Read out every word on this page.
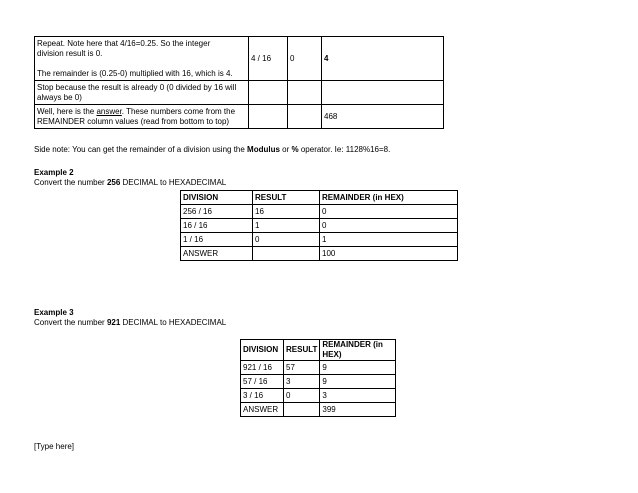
Repeat. Note here that 4/16=0.25. So the integer
division result is 0.
The remainder is (0.25-0) multiplied with 16, which is 4.	4 / 16	0	4

Stop because the result is already 0 (0 divided by 16 will
always be 0)			

Well, here is the answer. These numbers come from the
REMAINDER column values (read from bottom to top)			468
Side note: You can get the remainder of a division using the Modulus or % operator. Ie: 1128%16=8.
Example 2
Convert the number 256 DECIMAL to HEXADECIMAL
DIVISION	RESULT	REMAINDER (in HEX)
256 / 16	16	0
16 / 16	1	0
1 / 16	0	1
ANSWER		100
Example 3
Convert the number 921 DECIMAL to HEXADECIMAL
DIVISION	RESULT	REMAINDER (in HEX)
921 / 16	57	9
57 / 16	3	9
3 / 16	0	3
ANSWER		399
[Type here]
